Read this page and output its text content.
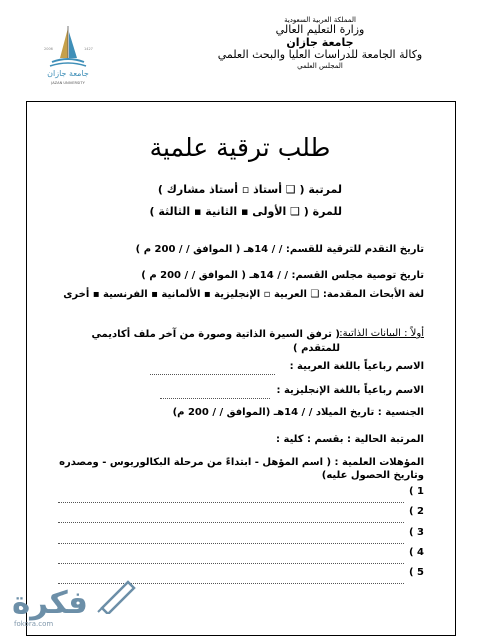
المملكة العربية السعودية
وزارة التعليم العالي
جامعة جازان
وكالة الجامعة للدراسات العليا والبحث العلمي
المجلس العلمي
جامعة جازان
JAZAN UNIVERSITY
2006	1427
طلب ترقية علمية
لمرتبة ( ❑ أستاذ ▫ أستاذ مشارك )
للمرة ( ❑ الأولى ▪ الثانية ▪ الثالثة )
تاريخ التقدم للترقية للقسم: / / 14هـ ( الموافق / / 200 م )
تاريخ توصية مجلس القسم: / / 14هـ ( الموافق / / 200 م )
لغة الأبحاث المقدمة: ❑ العربية ▫ الإنجليزية ▪ الألمانية ▪ الفرنسية ▪ أخرى
أولاً : البيانات الذاتية:
( ترفق السيرة الذاتية وصورة من آخر ملف أكاديمي للمتقدم )
الاسم رباعياً باللغة العربية :
الاسم رباعياً باللغة الإنجليزية :
الجنسية : تاريخ الميلاد / / 14هـ (الموافق / / 200 م)
المرتبة الحالية : بقسم : كلية :
المؤهلات العلمية : ( اسم المؤهل - ابتداءً من مرحلة البكالوريوس - ومصدره وتاريخ الحصول عليه)
1 )
2 )
3 )
4 )
5 )
فكرة
fokora.com
